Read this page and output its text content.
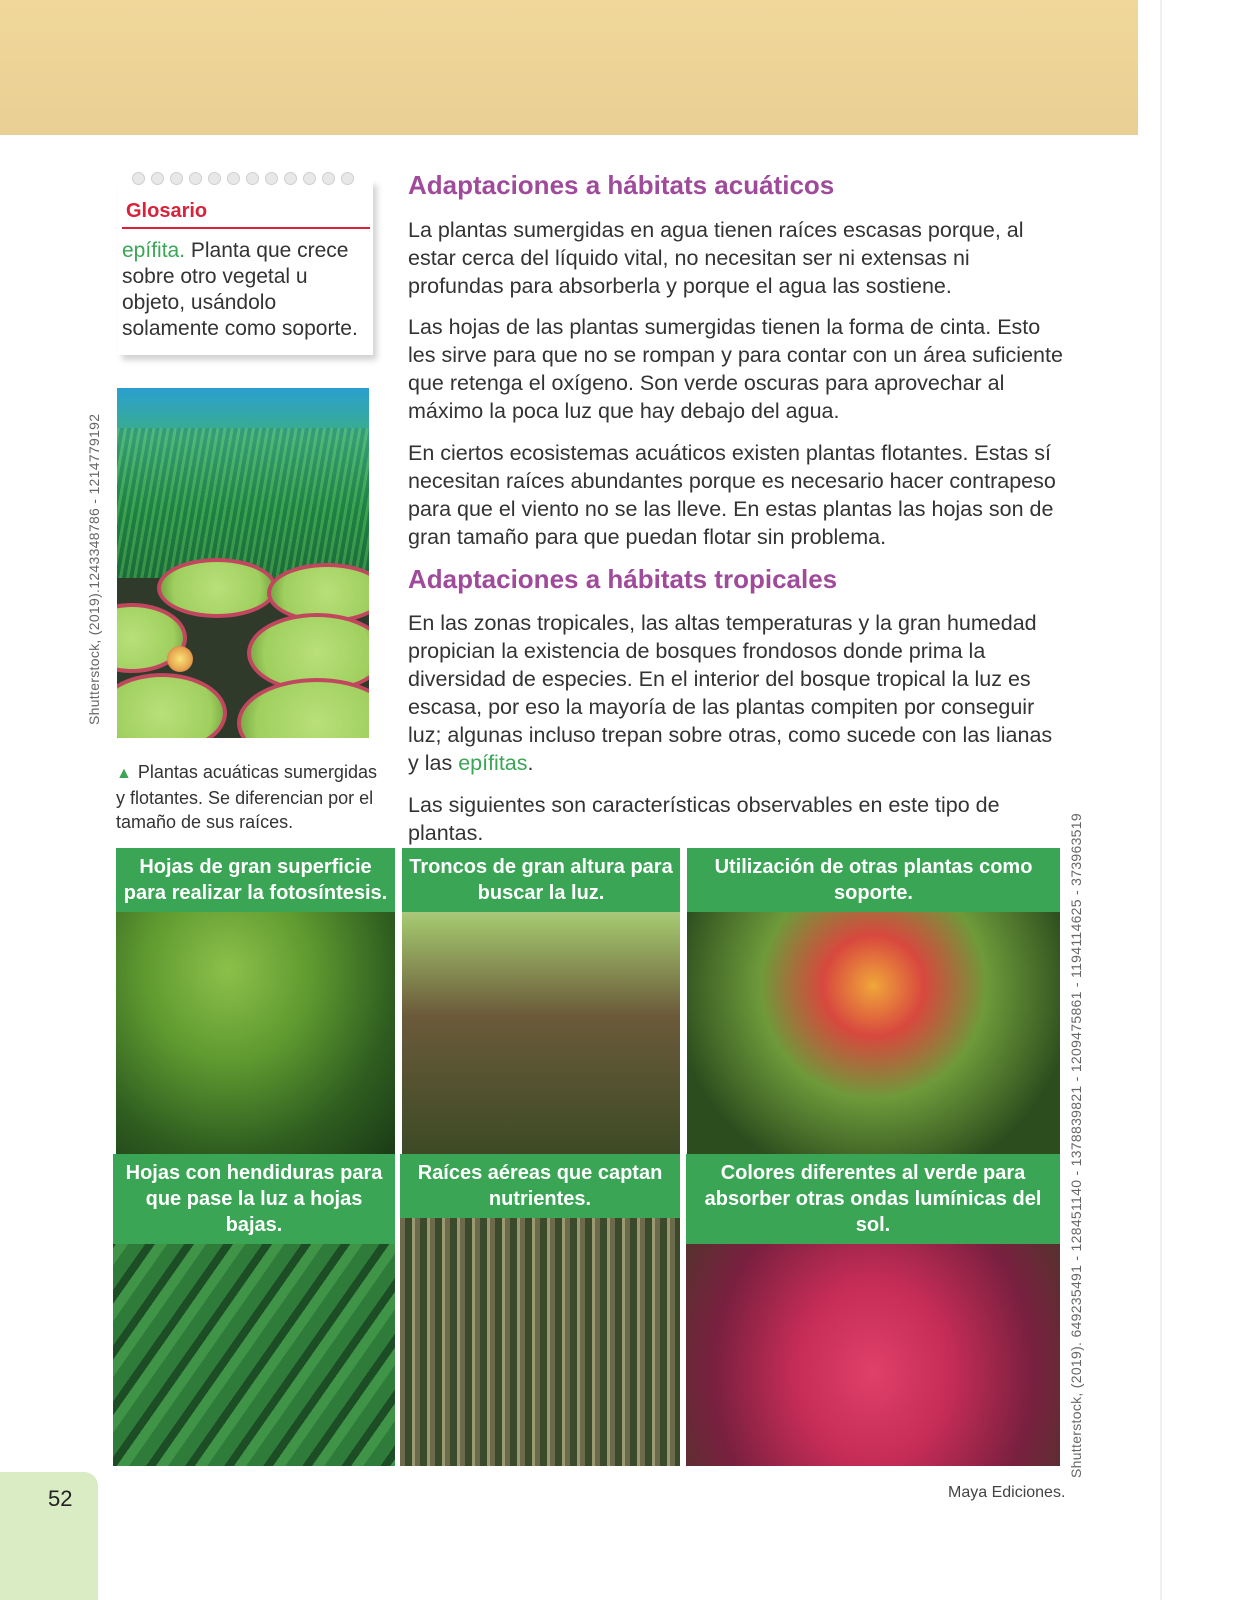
Glosario
epífita. Planta que crece sobre otro vegetal u objeto, usándolo solamente como soporte.
▲ Plantas acuáticas sumergidas y flotantes. Se diferencian por el tamaño de sus raíces.
Shutterstock, (2019).1243348786 - 1214779192
Adaptaciones a hábitats acuáticos
La plantas sumergidas en agua tienen raíces escasas porque, al estar cerca del líquido vital, no necesitan ser ni extensas ni profundas para absorberla y porque el agua las sostiene.
Las hojas de las plantas sumergidas tienen la forma de cinta. Esto les sirve para que no se rompan y para contar con un área suficiente que retenga el oxígeno. Son verde oscuras para aprovechar al máximo la poca luz que hay debajo del agua.
En ciertos ecosistemas acuáticos existen plantas flotantes. Estas sí necesitan raíces abundantes porque es necesario hacer contrapeso para que el viento no se las lleve. En estas plantas las hojas son de gran tamaño para que puedan flotar sin problema.
Adaptaciones a hábitats tropicales
En las zonas tropicales, las altas temperaturas y la gran humedad propician la existencia de bosques frondosos donde prima la diversidad de especies. En el interior del bosque tropical la luz es escasa, por eso la mayoría de las plantas compiten por conseguir luz; algunas incluso trepan sobre otras, como sucede con las lianas y las epífitas.
Las siguientes son características observables en este tipo de plantas.
Hojas de gran superficie para realizar la fotosíntesis.
Troncos de gran altura para buscar la luz.
Utilización de otras plantas como soporte.
Hojas con hendiduras para que pase la luz a hojas bajas.
Raíces aéreas que captan nutrientes.
Colores diferentes al verde para absorber otras ondas lumínicas del sol.	Shutterstock, (2019). 649235491 - 128451140 - 1378839821 - 1209475861 - 1194114625 - 373963519
52	Maya Ediciones.
